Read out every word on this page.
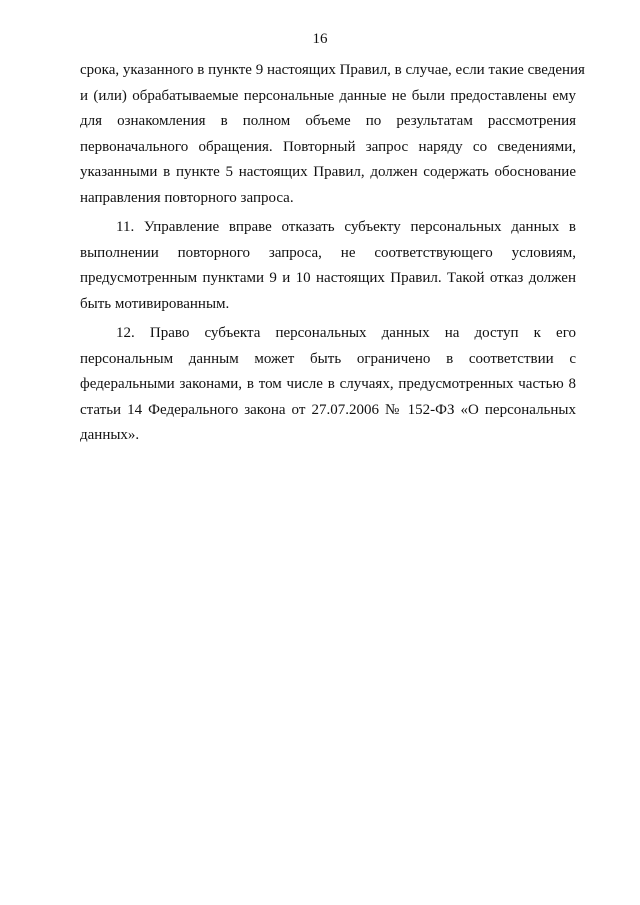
16
срока, указанного в пункте 9 настоящих Правил, в случае, если такие сведения
и (или) обрабатываемые персональные данные не были предоставлены ему
для ознакомления в полном объеме по результатам рассмотрения
первоначального обращения. Повторный запрос наряду со сведениями,
указанными в пункте 5 настоящих Правил, должен содержать обоснование
направления повторного запроса.
11. Управление вправе отказать субъекту персональных данных в
выполнении повторного запроса, не соответствующего условиям,
предусмотренным пунктами 9 и 10 настоящих Правил. Такой отказ должен
быть мотивированным.
12. Право субъекта персональных данных на доступ к его
персональным данным может быть ограничено в соответствии с
федеральными законами, в том числе в случаях, предусмотренных частью 8
статьи 14 Федерального закона от 27.07.2006 № 152-ФЗ «О персональных
данных».
